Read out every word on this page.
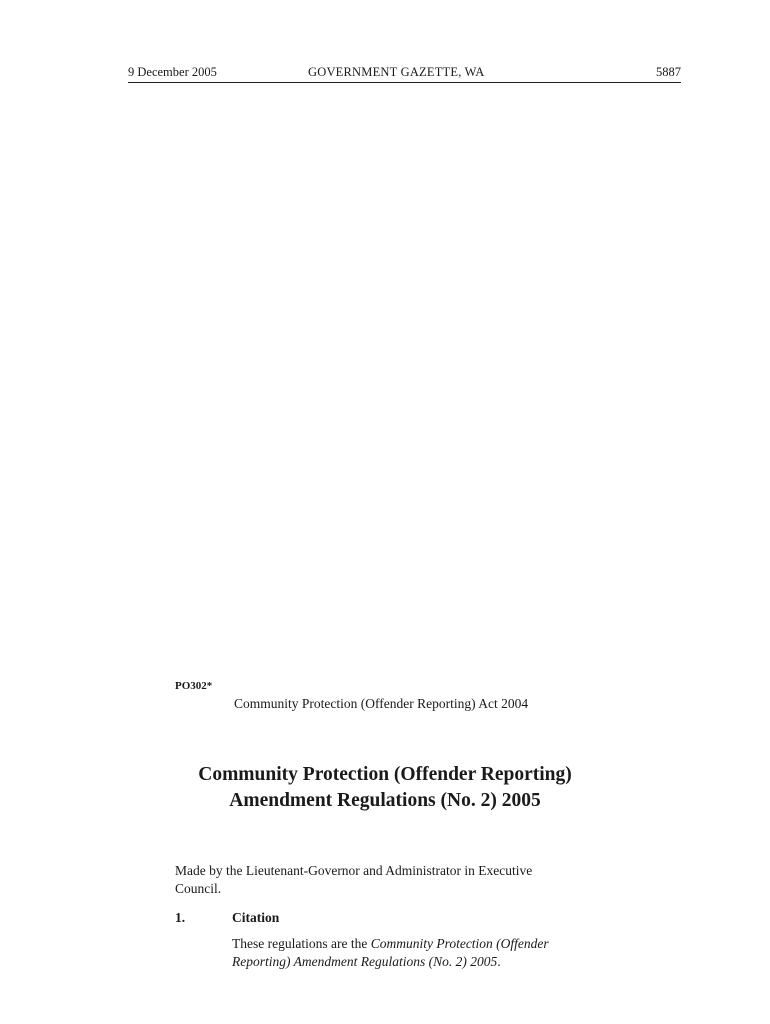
9 December 2005	GOVERNMENT GAZETTE, WA	5887
PO302*
Community Protection (Offender Reporting) Act 2004
Community Protection (Offender Reporting)
Amendment Regulations (No. 2) 2005
Made by the Lieutenant-Governor and Administrator in Executive
Council.
1.	Citation
These regulations are the Community Protection (Offender
Reporting) Amendment Regulations (No. 2) 2005.
